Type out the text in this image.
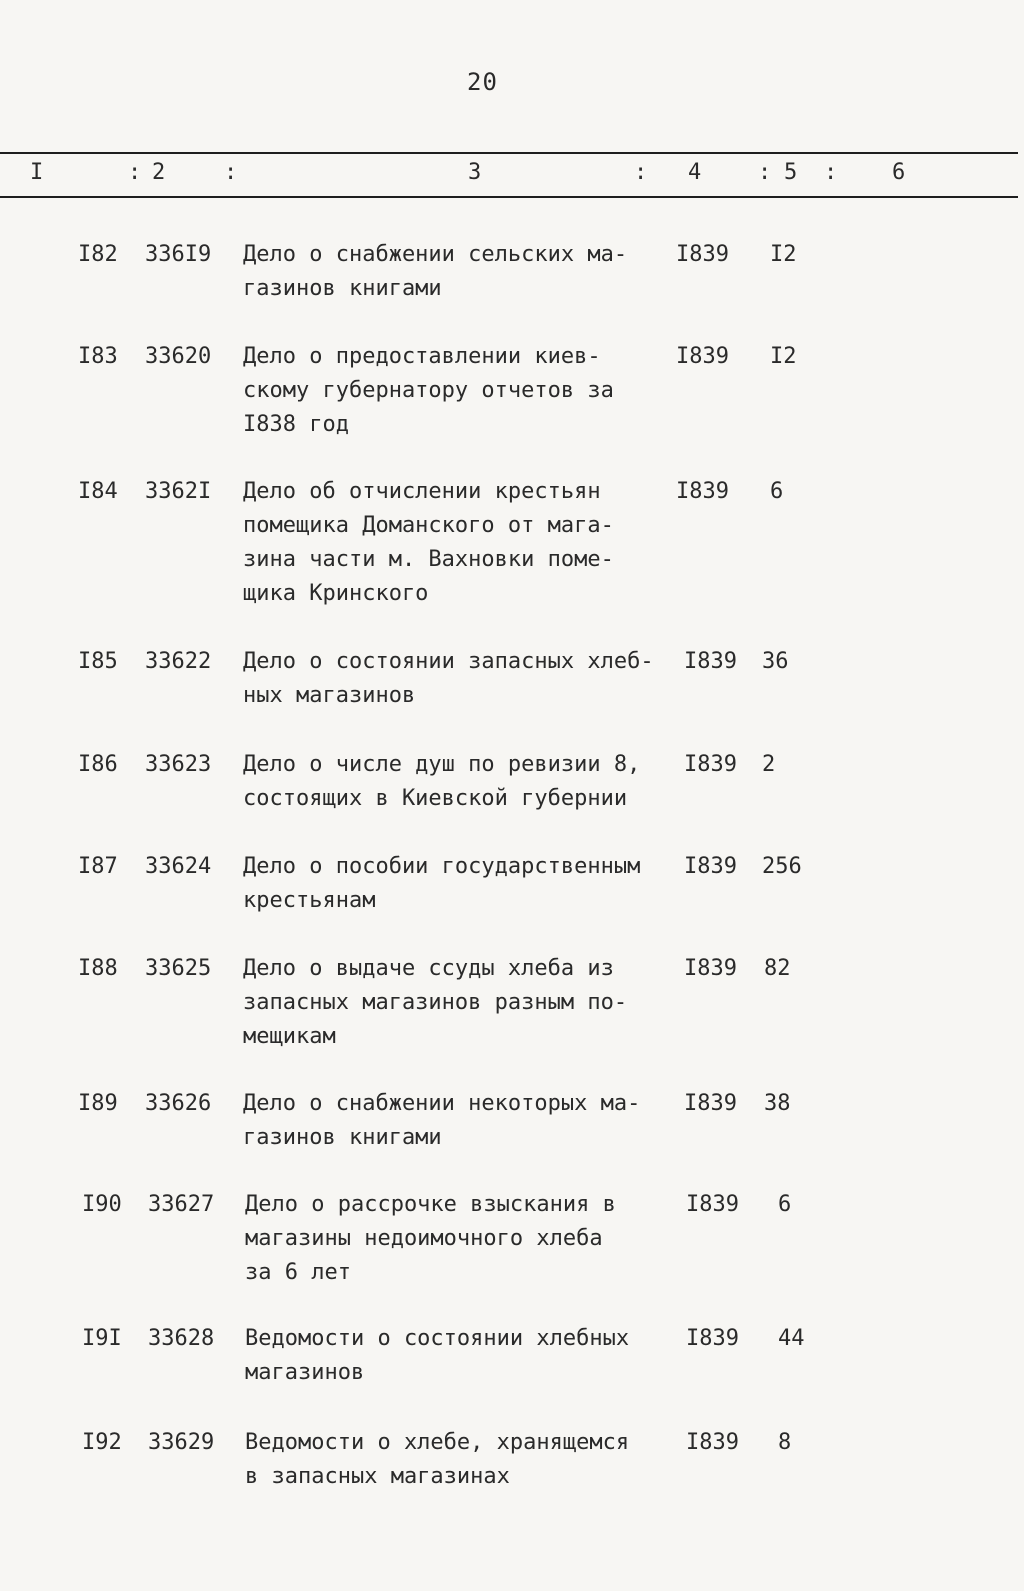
20
I	: 2	:	3	: 4	: 5 : 6
I82 336I9 Дело о снабжении сельских ма-
газинов книгами
I839 I2
I83 33620 Дело о предоставлении киев-
скому губернатору отчетов за
I838 год
I839 I2
I84 3362I Дело об отчислении крестьян
помещика Доманского от мага-
зина части м. Вахновки поме-
щика Кринского
I839 6
I85 33622 Дело о состоянии запасных хлеб-
ных магазинов
I839 36
I86 33623 Дело о числе душ по ревизии 8,
состоящих в Киевской губернии
I839 2
I87 33624 Дело о пособии государственным
крестьянам
I839 256
I88 33625 Дело о выдаче ссуды хлеба из
запасных магазинов разным по-
мещикам
I839 82
I89 33626 Дело о снабжении некоторых ма-
газинов книгами
I839 38
I90 33627 Дело о рассрочке взыскания в
магазины недоимочного хлеба
за 6 лет
I839 6
I9I 33628 Ведомости о состоянии хлебных
магазинов
I839 44
I92 33629 Ведомости о хлебе, хранящемся
в запасных магазинах
I839 8
